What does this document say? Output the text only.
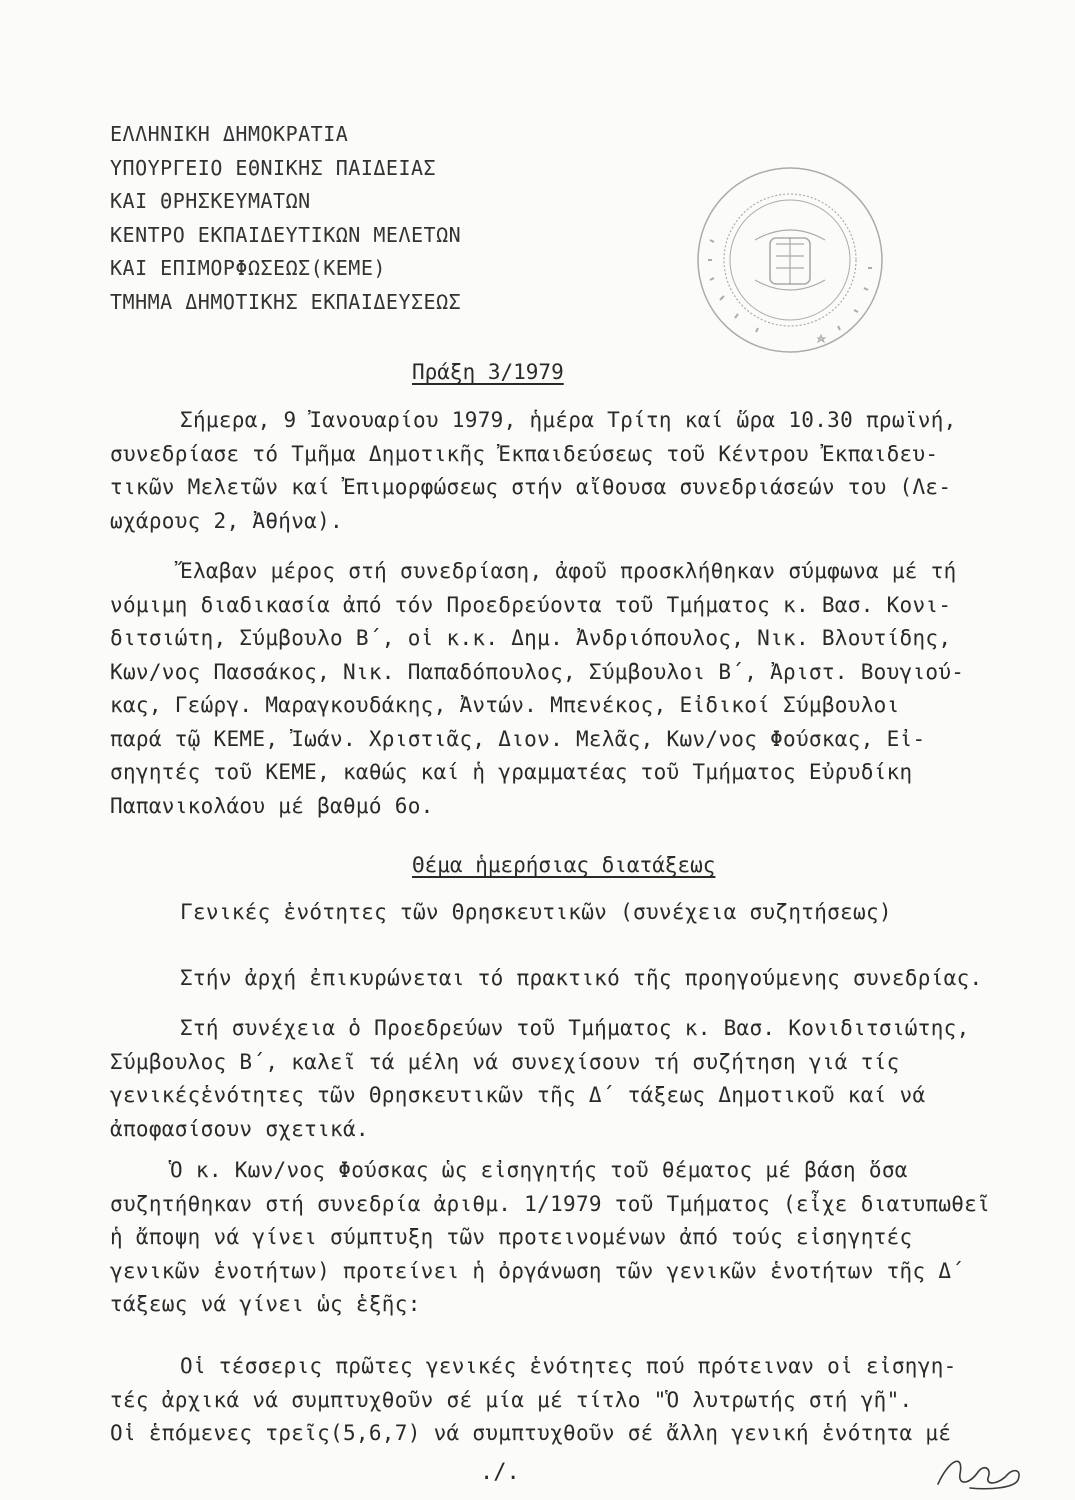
ΕΛΛΗΝΙΚΗ ΔΗΜΟΚΡΑΤΙΑ
ΥΠΟΥΡΓΕΙΟ ΕΘΝΙΚΗΣ ΠΑΙΔΕΙΑΣ
ΚΑΙ ΘΡΗΣΚΕΥΜΑΤΩΝ
ΚΕΝΤΡΟ ΕΚΠΑΙΔΕΥΤΙΚΩΝ ΜΕΛΕΤΩΝ
ΚΑΙ ΕΠΙΜΟΡΦΩΣΕΩΣ(ΚΕΜΕ)
ΤΜΗΜΑ ΔΗΜΟΤΙΚΗΣ ΕΚΠΑΙΔΕΥΣΕΩΣ
Πράξη 3/1979
Σήμερα, 9 Ἰανουαρίου 1979, ἡμέρα Τρίτη καί ὥρα 10.30 πρωϊνή,
συνεδρίασε τό Τμῆμα Δημοτικῆς Ἐκπαιδεύσεως τοῦ Κέντρου Ἐκπαιδευ-
τικῶν Μελετῶν καί Ἐπιμορφώσεως στήν αἴθουσα συνεδριάσεών του (Λε-
ωχάρους 2, Ἀθήνα).
Ἔλαβαν μέρος στή συνεδρίαση, ἀφοῦ προσκλήθηκαν σύμφωνα μέ τή
νόμιμη διαδικασία ἀπό τόν Προεδρεύοντα τοῦ Τμήματος κ. Βασ. Κονι-
διτσιώτη, Σύμβουλο Β΄, οἱ κ.κ. Δημ. Ἀνδριόπουλος, Νικ. Βλουτίδης,
Κων/νος Πασσάκος, Νικ. Παπαδόπουλος, Σύμβουλοι Β΄, Ἀριστ. Βουγιού-
κας, Γεώργ. Μαραγκουδάκης, Ἀντών. Μπενέκος, Εἰδικοί Σύμβουλοι
παρά τῷ ΚΕΜΕ, Ἰωάν. Χριστιᾶς, Διον. Μελᾶς, Κων/νος Φούσκας, Εἰ-
σηγητές τοῦ ΚΕΜΕ, καθώς καί ἡ γραμματέας τοῦ Τμήματος Εὐρυδίκη
Παπανικολάου μέ βαθμό 6ο.
Θέμα ἡμερήσιας διατάξεως
Γενικές ἑνότητες τῶν Θρησκευτικῶν (συνέχεια συζητήσεως)
Στήν ἀρχή ἐπικυρώνεται τό πρακτικό τῆς προηγούμενης συνεδρίας.
Στή συνέχεια ὁ Προεδρεύων τοῦ Τμήματος κ. Βασ. Κονιδιτσιώτης,
Σύμβουλος Β΄, καλεῖ τά μέλη νά συνεχίσουν τή συζήτηση γιά τίς
γενικέςἑνότητες τῶν Θρησκευτικῶν τῆς Δ΄ τάξεως Δημοτικοῦ καί νά
ἀποφασίσουν σχετικά.
Ὁ κ. Κων/νος Φούσκας ὡς εἰσηγητής τοῦ θέματος μέ βάση ὅσα
συζητήθηκαν στή συνεδρία ἀριθμ. 1/1979 τοῦ Τμήματος (εἶχε διατυπωθεῖ
ἡ ἄποψη νά γίνει σύμπτυξη τῶν προτεινομένων ἀπό τούς εἰσηγητές
γενικῶν ἑνοτήτων) προτείνει ἡ ὀργάνωση τῶν γενικῶν ἑνοτήτων τῆς Δ΄
τάξεως νά γίνει ὡς ἑξῆς:
Οἱ τέσσερις πρῶτες γενικές ἑνότητες πού πρότειναν οἱ εἰσηγη-
τές ἀρχικά νά συμπτυχθοῦν σέ μία μέ τίτλο "Ὁ λυτρωτής στή γῆ".
Οἱ ἑπόμενες τρεῖς(5,6,7) νά συμπτυχθοῦν σέ ἄλλη γενική ἑνότητα μέ
./.
